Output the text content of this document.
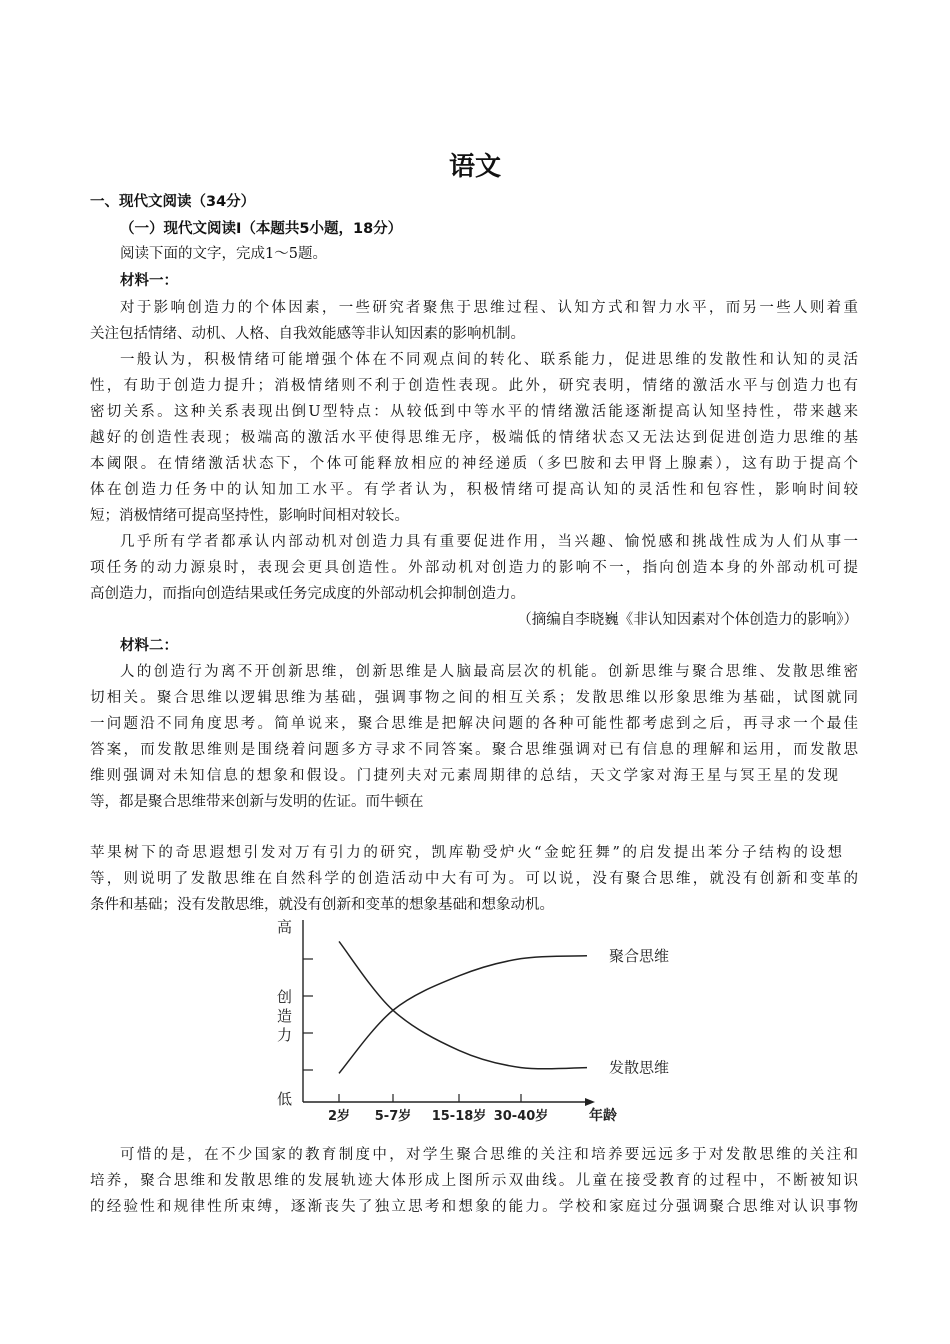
语文
一、现代文阅读（34分）
（一）现代文阅读Ⅰ（本题共5小题，18分）
阅读下面的文字，完成1～5题。
材料一：
对于影响创造力的个体因素，一些研究者聚焦于思维过程、认知方式和智力水平，而另一些人则着重
关注包括情绪、动机、人格、自我效能感等非认知因素的影响机制。
一般认为，积极情绪可能增强个体在不同观点间的转化、联系能力，促进思维的发散性和认知的灵活
性，有助于创造力提升；消极情绪则不利于创造性表现。此外，研究表明，情绪的激活水平与创造力也有
密切关系。这种关系表现出倒U型特点：从较低到中等水平的情绪激活能逐渐提高认知坚持性，带来越来
越好的创造性表现；极端高的激活水平使得思维无序，极端低的情绪状态又无法达到促进创造力思维的基
本阈限。在情绪激活状态下，个体可能释放相应的神经递质（多巴胺和去甲肾上腺素），这有助于提高个
体在创造力任务中的认知加工水平。有学者认为，积极情绪可提高认知的灵活性和包容性，影响时间较
短；消极情绪可提高坚持性，影响时间相对较长。
几乎所有学者都承认内部动机对创造力具有重要促进作用，当兴趣、愉悦感和挑战性成为人们从事一
项任务的动力源泉时，表现会更具创造性。外部动机对创造力的影响不一，指向创造本身的外部动机可提
高创造力，而指向创造结果或任务完成度的外部动机会抑制创造力。
（摘编自李晓巍《非认知因素对个体创造力的影响》）
材料二：
人的创造行为离不开创新思维，创新思维是人脑最高层次的机能。创新思维与聚合思维、发散思维密
切相关。聚合思维以逻辑思维为基础，强调事物之间的相互关系；发散思维以形象思维为基础，试图就同
一问题沿不同角度思考。简单说来，聚合思维是把解决问题的各种可能性都考虑到之后，再寻求一个最佳
答案，而发散思维则是围绕着问题多方寻求不同答案。聚合思维强调对已有信息的理解和运用，而发散思
维则强调对未知信息的想象和假设。门捷列夫对元素周期律的总结，天文学家对海王星与冥王星的发现
等，都是聚合思维带来创新与发明的佐证。而牛顿在
苹果树下的奇思遐想引发对万有引力的研究，凯库勒受炉火“金蛇狂舞”的启发提出苯分子结构的设想
等，则说明了发散思维在自然科学的创造活动中大有可为。可以说，没有聚合思维，就没有创新和变革的
条件和基础；没有发散思维，就没有创新和变革的想象基础和想象动机。
2岁 5-7岁 15-18岁 30-40岁
高
低
创
造
力
年龄
聚合思维
发散思维
可惜的是，在不少国家的教育制度中，对学生聚合思维的关注和培养要远远多于对发散思维的关注和
培养，聚合思维和发散思维的发展轨迹大体形成上图所示双曲线。儿童在接受教育的过程中，不断被知识
的经验性和规律性所束缚，逐渐丧失了独立思考和想象的能力。学校和家庭过分强调聚合思维对认识事物
